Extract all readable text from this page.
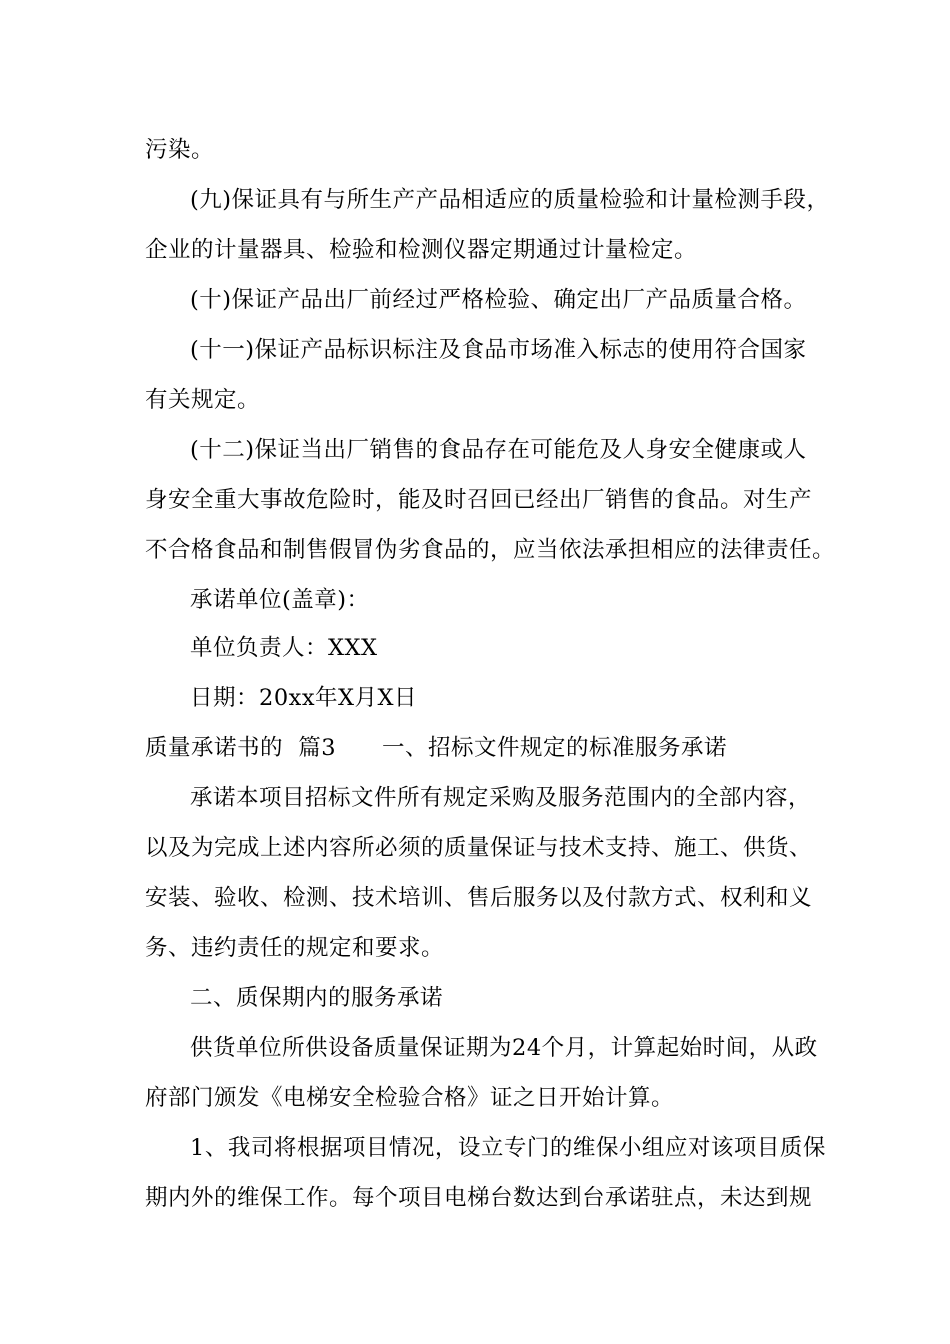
污染。
(九)保证具有与所生产产品相适应的质量检验和计量检测手段，
企业的计量器具、检验和检测仪器定期通过计量检定。
(十)保证产品出厂前经过严格检验、确定出厂产品质量合格。
(十一)保证产品标识标注及食品市场准入标志的使用符合国家
有关规定。
(十二)保证当出厂销售的食品存在可能危及人身安全健康或人
身安全重大事故危险时，能及时召回已经出厂销售的食品。对生产
不合格食品和制售假冒伪劣食品的，应当依法承担相应的法律责任。
承诺单位(盖章)：
单位负责人：XXX
日期：20xx年X月X日
质量承诺书的  篇3      一、招标文件规定的标准服务承诺
承诺本项目招标文件所有规定采购及服务范围内的全部内容，
以及为完成上述内容所必须的质量保证与技术支持、施工、供货、
安装、验收、检测、技术培训、售后服务以及付款方式、权利和义
务、违约责任的规定和要求。
二、质保期内的服务承诺
供货单位所供设备质量保证期为24个月，计算起始时间，从政
府部门颁发《电梯安全检验合格》证之日开始计算。
1、我司将根据项目情况，设立专门的维保小组应对该项目质保
期内外的维保工作。每个项目电梯台数达到台承诺驻点，未达到规
